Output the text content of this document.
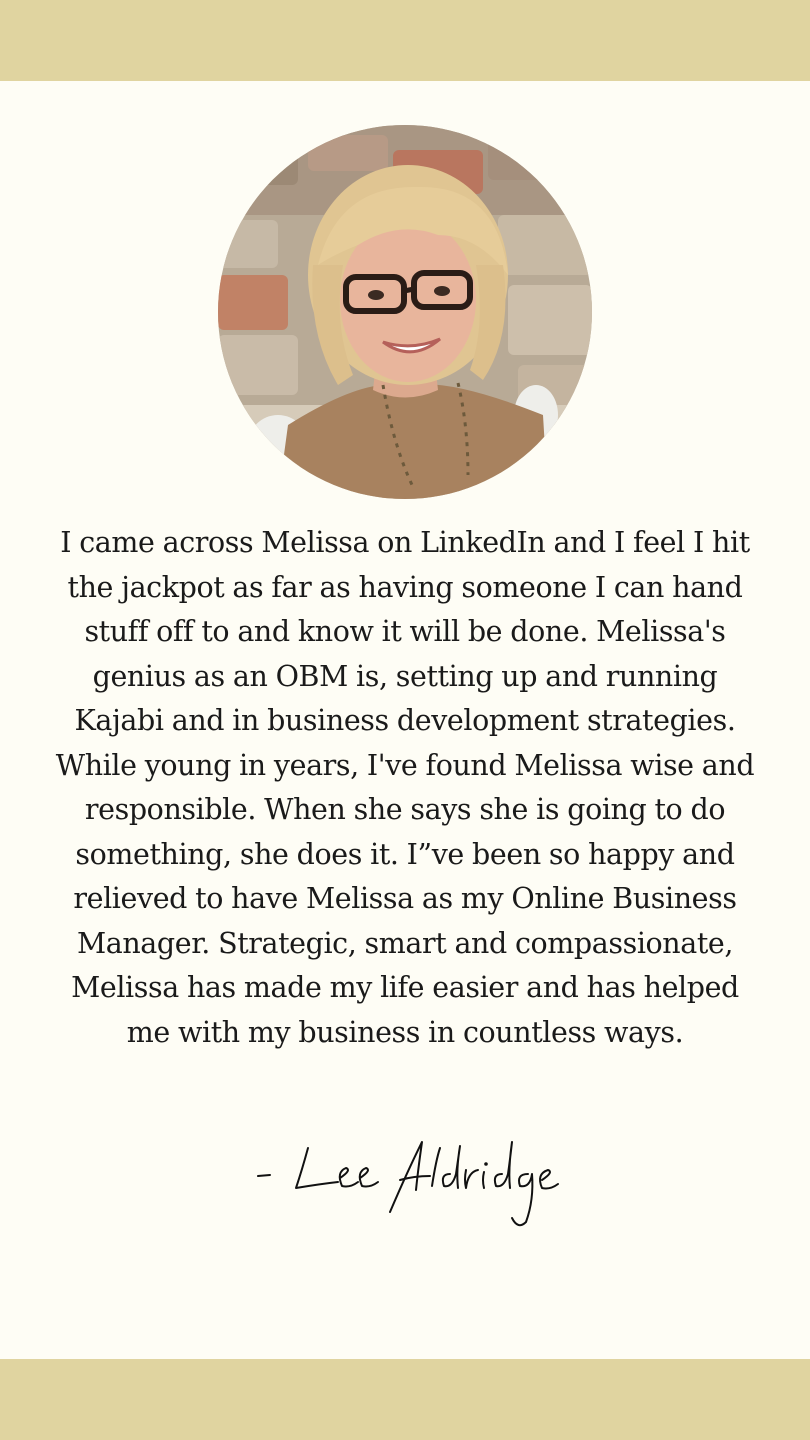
I came across Melissa on LinkedIn and I feel I hit the jackpot as far as having someone I can hand stuff off to and know it will be done. Melissa's genius as an OBM is, setting up and running Kajabi and in business development strategies. While young in years, I've found Melissa wise and responsible. When she says she is going to do something, she does it. I”ve been so happy and relieved to have Melissa as my Online Business Manager. Strategic, smart and compassionate, Melissa has made my life easier and has helped me with my business in countless ways.
